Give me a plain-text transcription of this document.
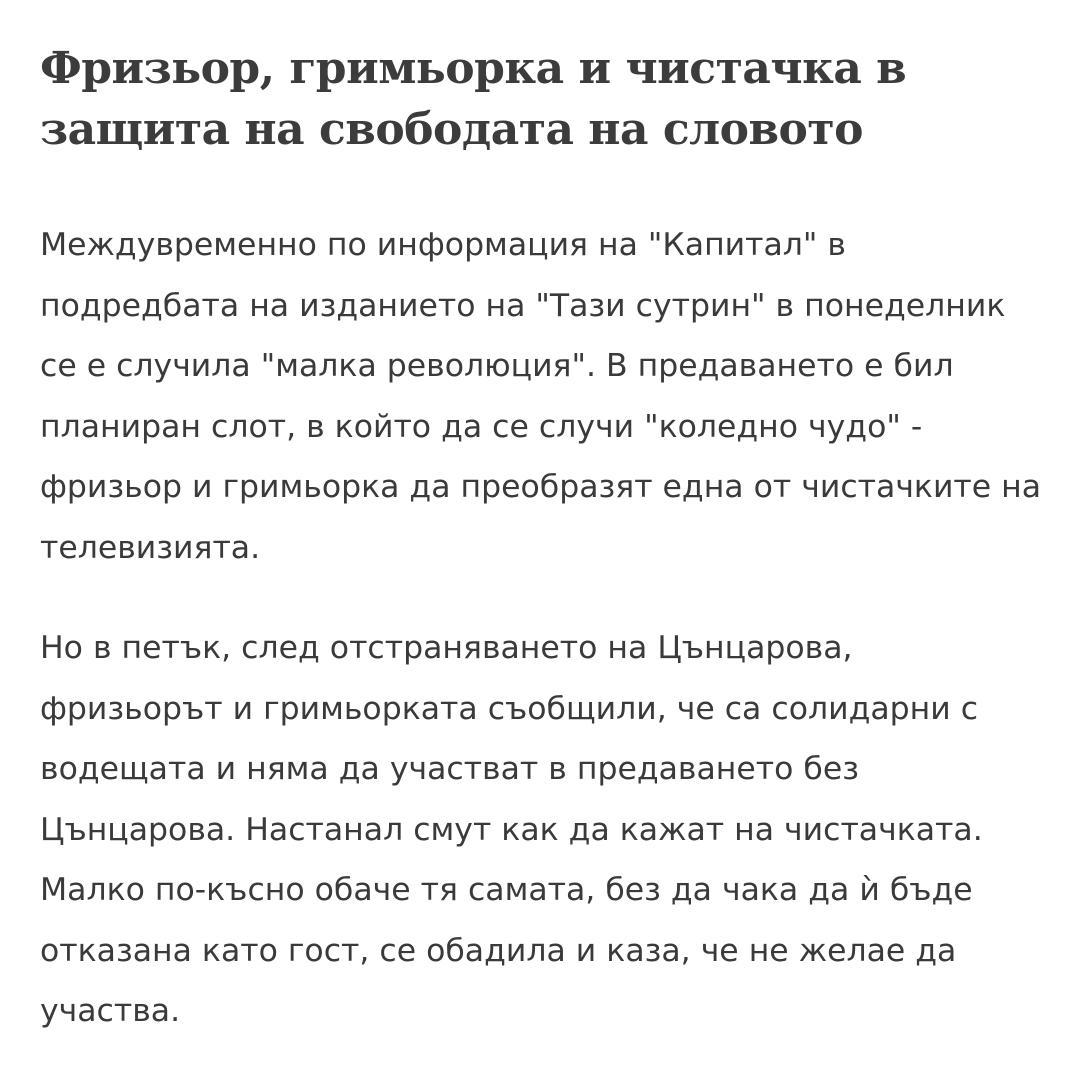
Фризьор, гримьорка и чистачка в защита на свободата на словото

Междувременно по информация на "Капитал" в подредбата на изданието на "Тази сутрин" в понеделник се е случила "малка революция". В предаването е бил планиран слот, в който да се случи "коледно чудо" - фризьор и гримьорка да преобразят една от чистачките на телевизията.

Но в петък, след отстраняването на Цънцарова, фризьорът и гримьорката съобщили, че са солидарни с водещата и няма да участват в предаването без Цънцарова. Настанал смут как да кажат на чистачката. Малко по-късно обаче тя самата, без да чака да ѝ бъде отказана като гост, се обадила и каза, че не желае да участва.
